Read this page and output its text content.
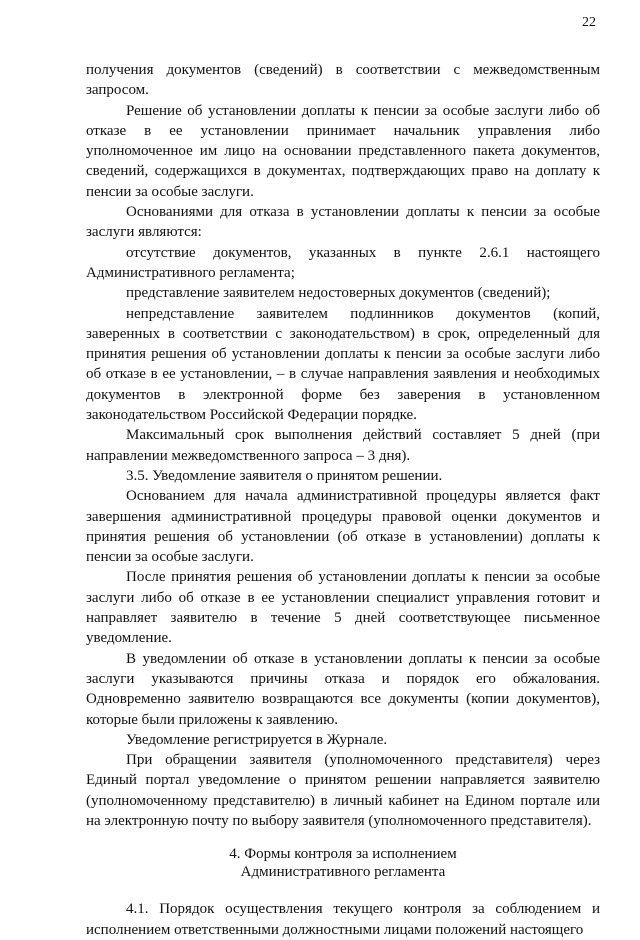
22

получения документов (сведений) в соответствии с межведомственным запросом.

Решение об установлении доплаты к пенсии за особые заслуги либо об отказе в ее установлении принимает начальник управления либо уполномоченное им лицо на основании представленного пакета документов, сведений, содержащихся в документах, подтверждающих право на доплату к пенсии за особые заслуги.

Основаниями для отказа в установлении доплаты к пенсии за особые заслуги являются:

отсутствие документов, указанных в пункте 2.6.1 настоящего Административного регламента;

представление заявителем недостоверных документов (сведений);

непредставление заявителем подлинников документов (копий, заверенных в соответствии с законодательством) в срок, определенный для принятия решения об установлении доплаты к пенсии за особые заслуги либо об отказе в ее установлении, – в случае направления заявления и необходимых документов в электронной форме без заверения в установленном законодательством Российской Федерации порядке.

Максимальный срок выполнения действий составляет 5 дней (при направлении межведомственного запроса – 3 дня).

3.5. Уведомление заявителя о принятом решении.

Основанием для начала административной процедуры является факт завершения административной процедуры правовой оценки документов и принятия решения об установлении (об отказе в установлении) доплаты к пенсии за особые заслуги.

После принятия решения об установлении доплаты к пенсии за особые заслуги либо об отказе в ее установлении специалист управления готовит и направляет заявителю в течение 5 дней соответствующее письменное уведомление.

В уведомлении об отказе в установлении доплаты к пенсии за особые заслуги указываются причины отказа и порядок его обжалования. Одновременно заявителю возвращаются все документы (копии документов), которые были приложены к заявлению.

Уведомление регистрируется в Журнале.

При обращении заявителя (уполномоченного представителя) через Единый портал уведомление о принятом решении направляется заявителю (уполномоченному представителю) в личный кабинет на Едином портале или на электронную почту по выбору заявителя (уполномоченного представителя).

4. Формы контроля за исполнением
Административного регламента

4.1. Порядок осуществления текущего контроля за соблюдением и исполнением ответственными должностными лицами положений настоящего
